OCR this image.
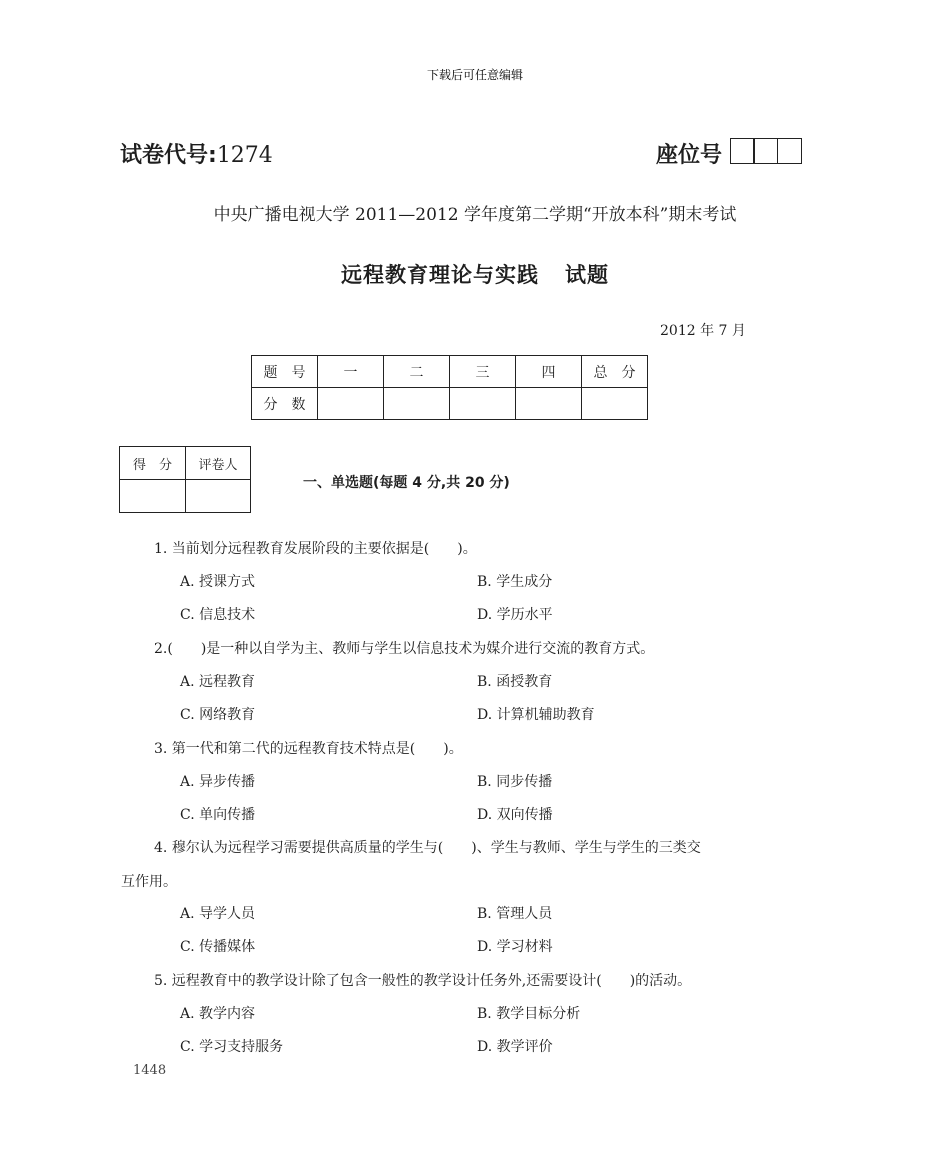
下载后可任意编辑
试卷代号:1274	座位号
中央广播电视大学 2011—2012 学年度第二学期“开放本科”期末考试
远程教育理论与实践 试题
2012 年 7 月
题　号	一	二	三	四	总　分
分　数					
得　分	评卷人

一、单选题(每题 4 分,共 20 分)
1. 当前划分远程教育发展阶段的主要依据是(　　)。
A. 授课方式	B. 学生成分
C. 信息技术	D. 学历水平
2.(　　)是一种以自学为主、教师与学生以信息技术为媒介进行交流的教育方式。
A. 远程教育	B. 函授教育
C. 网络教育	D. 计算机辅助教育
3. 第一代和第二代的远程教育技术特点是(　　)。
A. 异步传播	B. 同步传播
C. 单向传播	D. 双向传播
4. 穆尔认为远程学习需要提供高质量的学生与(　　)、学生与教师、学生与学生的三类交
互作用。
A. 导学人员	B. 管理人员
C. 传播媒体	D. 学习材料
5. 远程教育中的教学设计除了包含一般性的教学设计任务外,还需要设计(　　)的活动。
A. 教学内容	B. 教学目标分析
C. 学习支持服务	D. 教学评价
1448
